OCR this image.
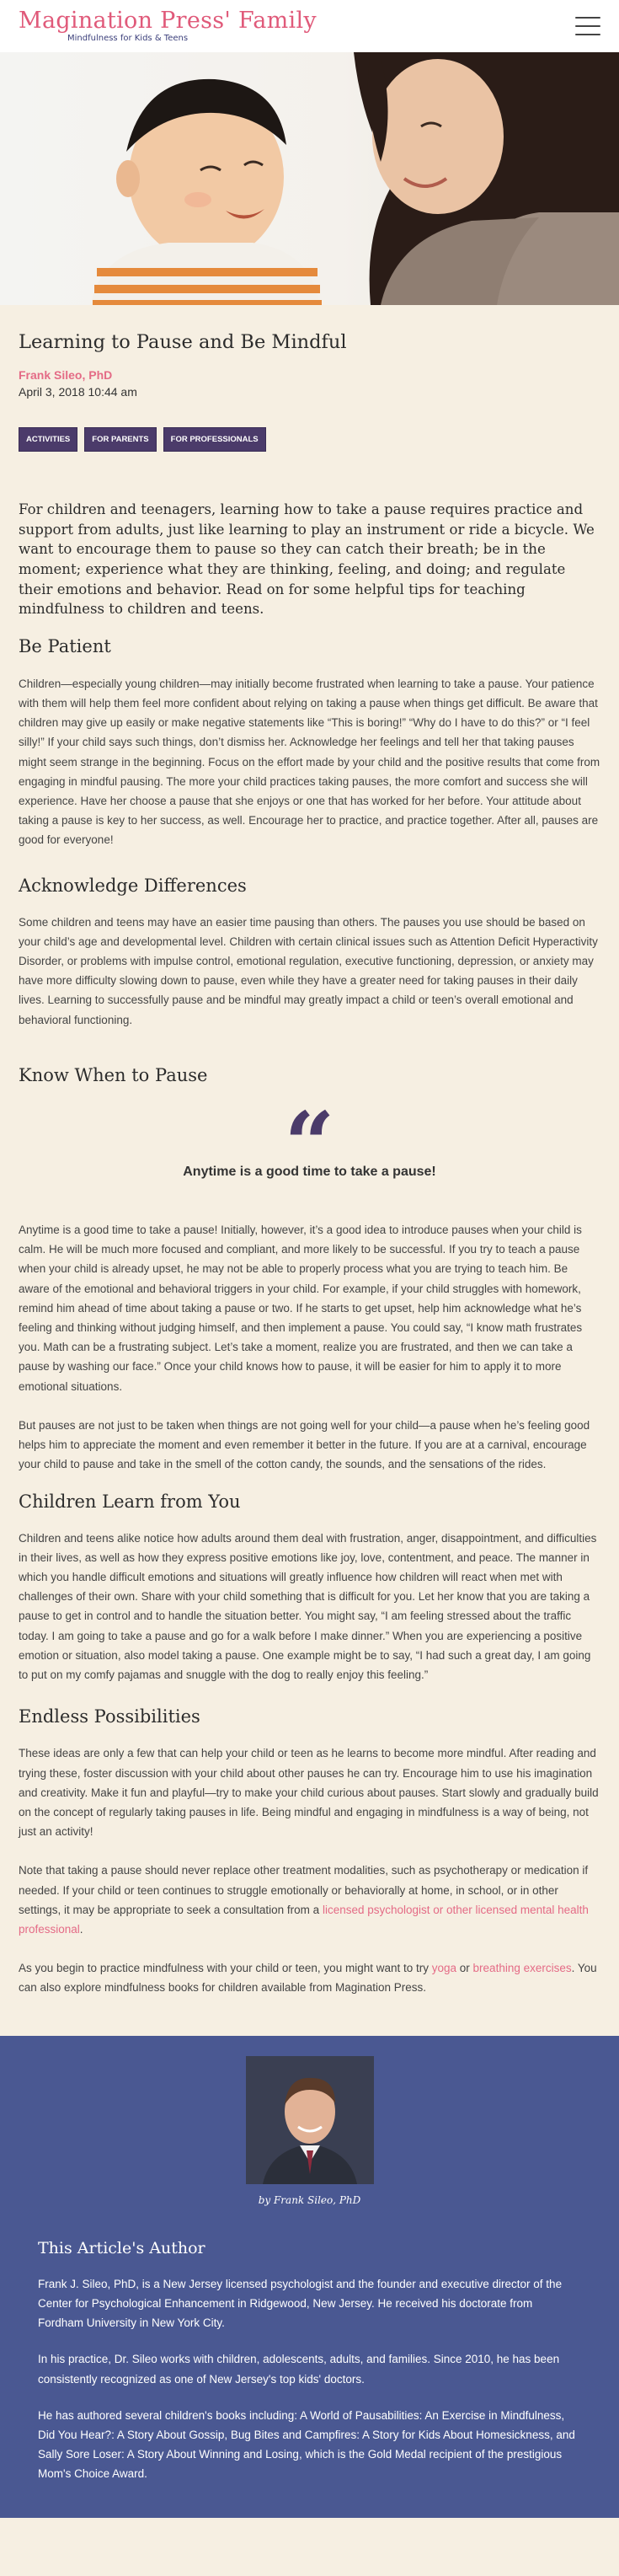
Magination Press' Family
Mindfulness for Kids & Teens
Learning to Pause and Be Mindful
Frank Sileo, PhD
April 3, 2018 10:44 am
ACTIVITIES	FOR PARENTS	FOR PROFESSIONALS

For children and teenagers, learning how to take a pause requires practice and support from adults, just like learning to play an instrument or ride a bicycle. We want to encourage them to pause so they can catch their breath; be in the moment; experience what they are thinking, feeling, and doing; and regulate their emotions and behavior. Read on for some helpful tips for teaching mindfulness to children and teens.

Be Patient

Children—especially young children—may initially become frustrated when learning to take a pause. Your patience with them will help them feel more confident about relying on taking a pause when things get difficult. Be aware that children may give up easily or make negative statements like “This is boring!” “Why do I have to do this?” or “I feel silly!” If your child says such things, don’t dismiss her. Acknowledge her feelings and tell her that taking pauses might seem strange in the beginning. Focus on the effort made by your child and the positive results that come from engaging in mindful pausing. The more your child practices taking pauses, the more comfort and success she will experience. Have her choose a pause that she enjoys or one that has worked for her before. Your attitude about taking a pause is key to her success, as well. Encourage her to practice, and practice together. After all, pauses are good for everyone!

Acknowledge Differences

Some children and teens may have an easier time pausing than others. The pauses you use should be based on your child’s age and developmental level. Children with certain clinical issues such as Attention Deficit Hyperactivity Disorder, or problems with impulse control, emotional regulation, executive functioning, depression, or anxiety may have more difficulty slowing down to pause, even while they have a greater need for taking pauses in their daily lives. Learning to successfully pause and be mindful may greatly impact a child or teen’s overall emotional and behavioral functioning.

Know When to Pause
“
Anytime is a good time to take a pause!

Anytime is a good time to take a pause! Initially, however, it’s a good idea to introduce pauses when your child is calm. He will be much more focused and compliant, and more likely to be successful. If you try to teach a pause when your child is already upset, he may not be able to properly process what you are trying to teach him. Be aware of the emotional and behavioral triggers in your child. For example, if your child struggles with homework, remind him ahead of time about taking a pause or two. If he starts to get upset, help him acknowledge what he’s feeling and thinking without judging himself, and then implement a pause. You could say, “I know math frustrates you. Math can be a frustrating subject. Let’s take a moment, realize you are frustrated, and then we can take a pause by washing our face.” Once your child knows how to pause, it will be easier for him to apply it to more emotional situations.

But pauses are not just to be taken when things are not going well for your child—a pause when he’s feeling good helps him to appreciate the moment and even remember it better in the future. If you are at a carnival, encourage your child to pause and take in the smell of the cotton candy, the sounds, and the sensations of the rides.

Children Learn from You

Children and teens alike notice how adults around them deal with frustration, anger, disappointment, and difficulties in their lives, as well as how they express positive emotions like joy, love, contentment, and peace. The manner in which you handle difficult emotions and situations will greatly influence how children will react when met with challenges of their own. Share with your child something that is difficult for you. Let her know that you are taking a pause to get in control and to handle the situation better. You might say, “I am feeling stressed about the traffic today. I am going to take a pause and go for a walk before I make dinner.” When you are experiencing a positive emotion or situation, also model taking a pause. One example might be to say, “I had such a great day, I am going to put on my comfy pajamas and snuggle with the dog to really enjoy this feeling.”

Endless Possibilities

These ideas are only a few that can help your child or teen as he learns to become more mindful. After reading and trying these, foster discussion with your child about other pauses he can try. Encourage him to use his imagination and creativity. Make it fun and playful—try to make your child curious about pauses. Start slowly and gradually build on the concept of regularly taking pauses in life. Being mindful and engaging in mindfulness is a way of being, not just an activity!

Note that taking a pause should never replace other treatment modalities, such as psychotherapy or medication if needed. If your child or teen continues to struggle emotionally or behaviorally at home, in school, or in other settings, it may be appropriate to seek a consultation from a licensed psychologist or other licensed mental health professional.

As you begin to practice mindfulness with your child or teen, you might want to try yoga or breathing exercises. You can also explore mindfulness books for children available from Magination Press.

by Frank Sileo, PhD
This Article's Author

Frank J. Sileo, PhD, is a New Jersey licensed psychologist and the founder and executive director of the Center for Psychological Enhancement in Ridgewood, New Jersey. He received his doctorate from Fordham University in New York City.

In his practice, Dr. Sileo works with children, adolescents, adults, and families. Since 2010, he has been consistently recognized as one of New Jersey's top kids' doctors.

He has authored several children's books including: A World of Pausabilities: An Exercise in Mindfulness, Did You Hear?: A Story About Gossip, Bug Bites and Campfires: A Story for Kids About Homesickness, and Sally Sore Loser: A Story About Winning and Losing, which is the Gold Medal recipient of the prestigious Mom's Choice Award.
